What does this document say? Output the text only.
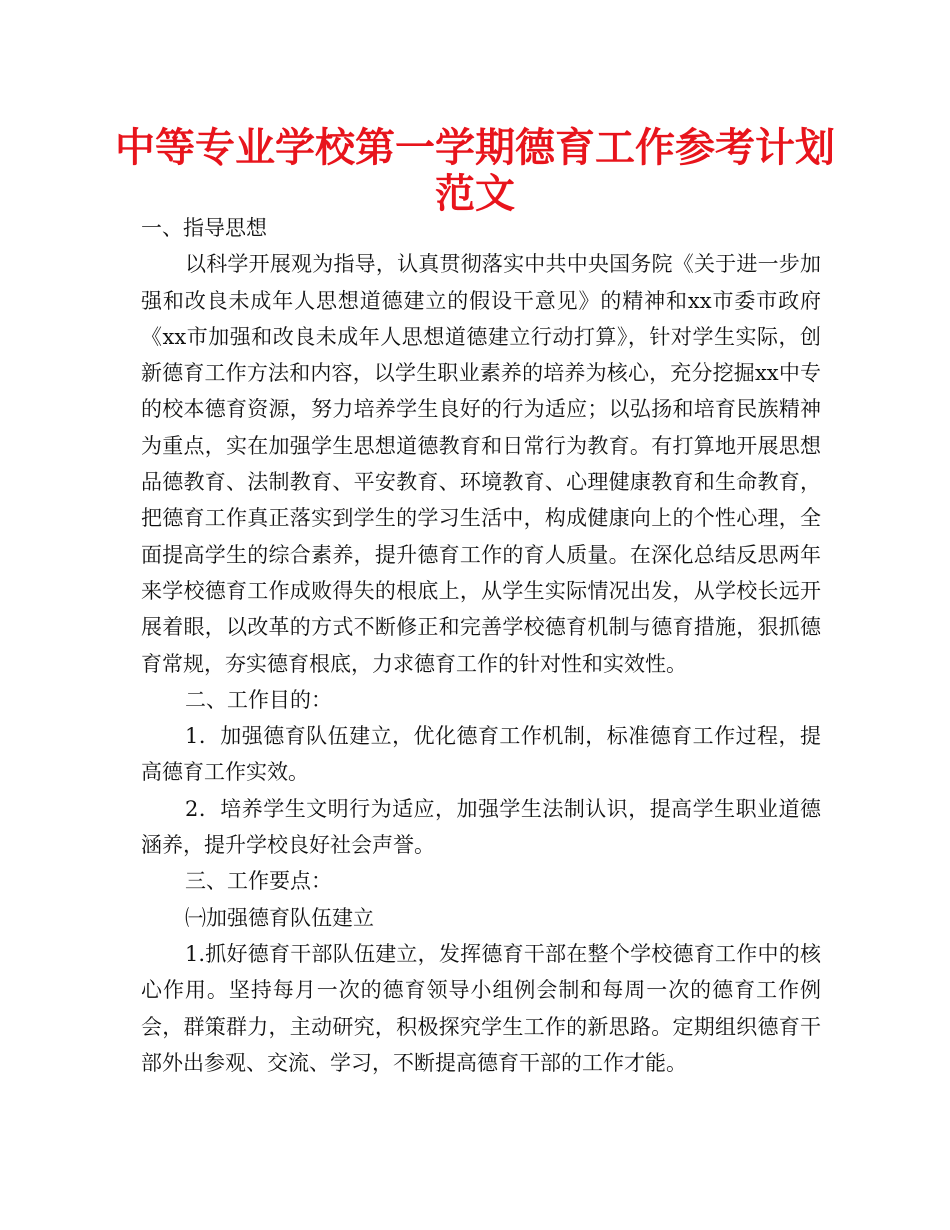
中等专业学校第一学期德育工作参考计划
范文

一、指导思想

以科学开展观为指导，认真贯彻落实中共中央国务院《关于进一步加强和改良未成年人思想道德建立的假设干意见》的精神和xx市委市政府《xx市加强和改良未成年人思想道德建立行动打算》，针对学生实际，创新德育工作方法和内容，以学生职业素养的培养为核心，充分挖掘xx中专的校本德育资源，努力培养学生良好的行为适应；以弘扬和培育民族精神为重点，实在加强学生思想道德教育和日常行为教育。有打算地开展思想品德教育、法制教育、平安教育、环境教育、心理健康教育和生命教育，把德育工作真正落实到学生的学习生活中，构成健康向上的个性心理，全面提高学生的综合素养，提升德育工作的育人质量。在深化总结反思两年来学校德育工作成败得失的根底上，从学生实际情况出发，从学校长远开展着眼，以改革的方式不断修正和完善学校德育机制与德育措施，狠抓德育常规，夯实德育根底，力求德育工作的针对性和实效性。

二、工作目的：

1．加强德育队伍建立，优化德育工作机制，标准德育工作过程，提高德育工作实效。

2．培养学生文明行为适应，加强学生法制认识，提高学生职业道德涵养，提升学校良好社会声誉。

三、工作要点：

㈠加强德育队伍建立

1.抓好德育干部队伍建立，发挥德育干部在整个学校德育工作中的核心作用。坚持每月一次的德育领导小组例会制和每周一次的德育工作例会，群策群力，主动研究，积极探究学生工作的新思路。定期组织德育干部外出参观、交流、学习，不断提高德育干部的工作才能。
